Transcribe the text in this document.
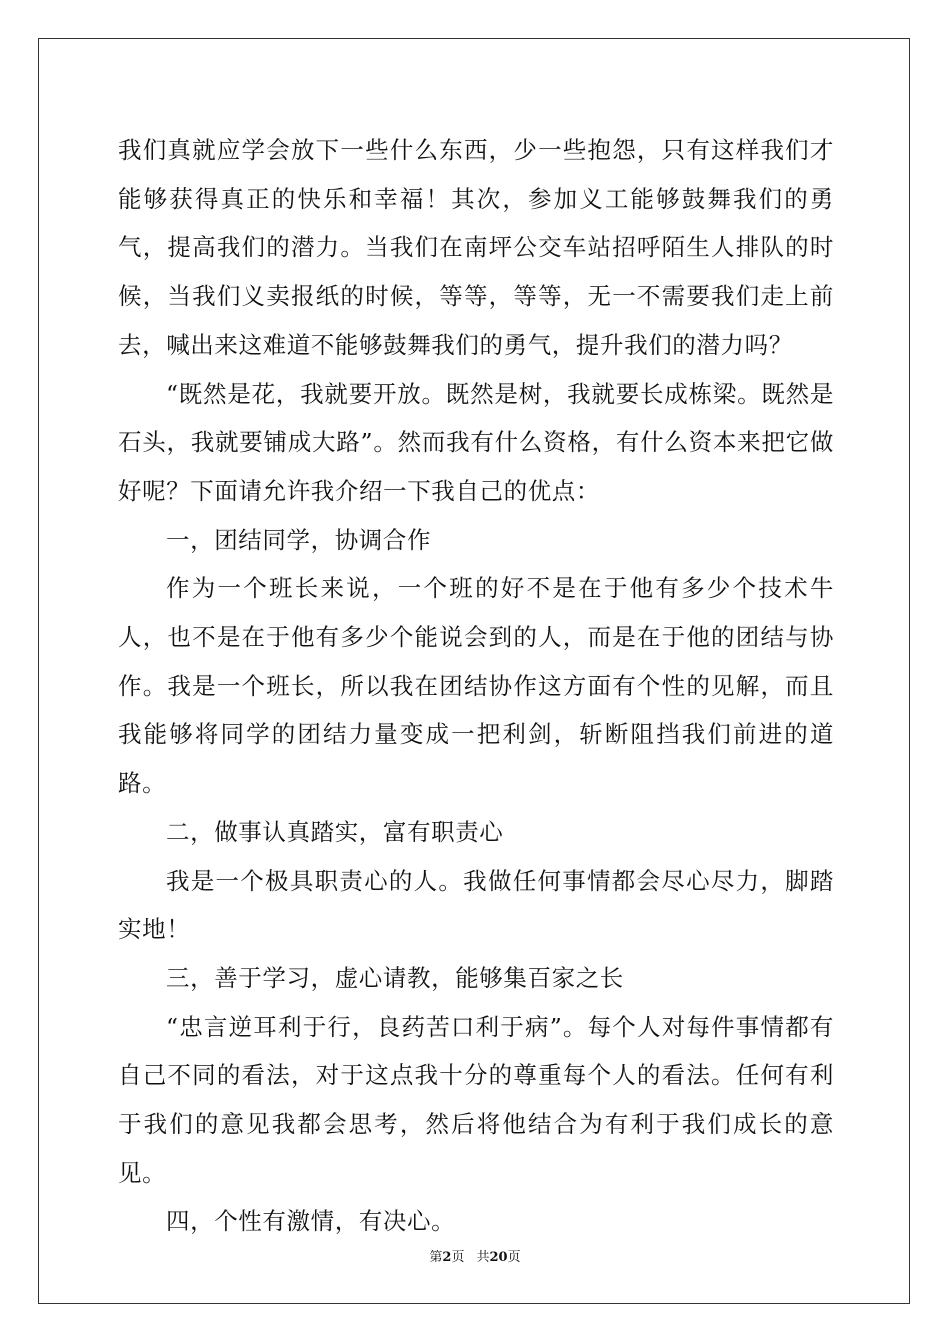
我们真就应学会放下一些什么东西，少一些抱怨，只有这样我们才能够获得真正的快乐和幸福！其次，参加义工能够鼓舞我们的勇气，提高我们的潜力。当我们在南坪公交车站招呼陌生人排队的时候，当我们义卖报纸的时候，等等，等等，无一不需要我们走上前去，喊出来这难道不能够鼓舞我们的勇气，提升我们的潜力吗？

“既然是花，我就要开放。既然是树，我就要长成栋梁。既然是石头，我就要铺成大路”。然而我有什么资格，有什么资本来把它做好呢？下面请允许我介绍一下我自己的优点：

一，团结同学，协调合作

作为一个班长来说，一个班的好不是在于他有多少个技术牛人，也不是在于他有多少个能说会到的人，而是在于他的团结与协作。我是一个班长，所以我在团结协作这方面有个性的见解，而且我能够将同学的团结力量变成一把利剑，斩断阻挡我们前进的道路。

二，做事认真踏实，富有职责心

我是一个极具职责心的人。我做任何事情都会尽心尽力，脚踏实地！

三，善于学习，虚心请教，能够集百家之长

“忠言逆耳利于行，良药苦口利于病”。每个人对每件事情都有自己不同的看法，对于这点我十分的尊重每个人的看法。任何有利于我们的意见我都会思考，然后将他结合为有利于我们成长的意见。

四，个性有激情，有决心。

第2页 共20页
